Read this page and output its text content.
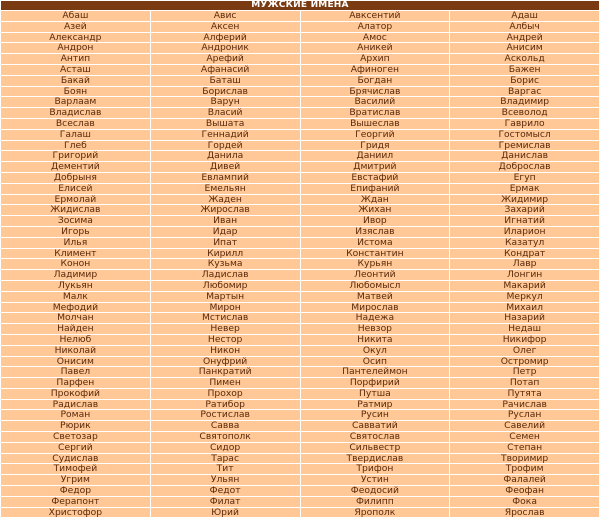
МУЖСКИЕ ИМЕНА			
Абаш	Авис	Авксентий	Адаш
Азей	Аксен	Алатор	Албыч
Александр	Алферий	Амос	Андрей
Андрон	Андроник	Аникей	Анисим
Антип	Арефий	Архип	Аскольд
Асташ	Афанасий	Афиноген	Бажен
Бакай	Баташ	Богдан	Борис
Боян	Борислав	Брячислав	Варгас
Варлаам	Варун	Василий	Владимир
Владислав	Власий	Вратислав	Всеволод
Всеслав	Вышата	Вышеслав	Гаврило
Галаш	Геннадий	Георгий	Гостомысл
Глеб	Гордей	Гридя	Гремислав
Григорий	Данила	Даниил	Данислав
Дементий	Дивей	Дмитрий	Доброслав
Добрыня	Евлампий	Евстафий	Егуп
Елисей	Емельян	Епифаний	Ермак
Ермолай	Жаден	Ждан	Жидимир
Жидислав	Жирослав	Жихан	Захарий
Зосима	Иван	Ивор	Игнатий
Игорь	Идар	Изяслав	Иларион
Илья	Ипат	Истома	Казатул
Климент	Кирилл	Константин	Кондрат
Конон	Кузьма	Курьян	Лавр
Ладимир	Ладислав	Леонтий	Лонгин
Лукьян	Любомир	Любомысл	Макарий
Малк	Мартын	Матвей	Меркул
Мефодий	Мирон	Мирослав	Михаил
Молчан	Мстислав	Надежа	Назарий
Найден	Невер	Невзор	Недаш
Нелюб	Нестор	Никита	Никифор
Николай	Никон	Окул	Олег
Онисим	Онуфрий	Осип	Остромир
Павел	Панкратий	Пантелеймон	Петр
Парфен	Пимен	Порфирий	Потап
Прокофий	Прохор	Путша	Путята
Радислав	Ратибор	Ратмир	Рачислав
Роман	Ростислав	Русин	Руслан
Рюрик	Савва	Савватий	Савелий
Светозар	Святополк	Святослав	Семен
Сергий	Сидор	Сильвестр	Степан
Судислав	Тарас	Твердислав	Творимир
Тимофей	Тит	Трифон	Трофим
Угрим	Ульян	Устин	Фалалей
Федор	Федот	Феодосий	Феофан
Ферапонт	Филат	Филипп	Фока
Христофор	Юрий	Ярополк	Ярослав
